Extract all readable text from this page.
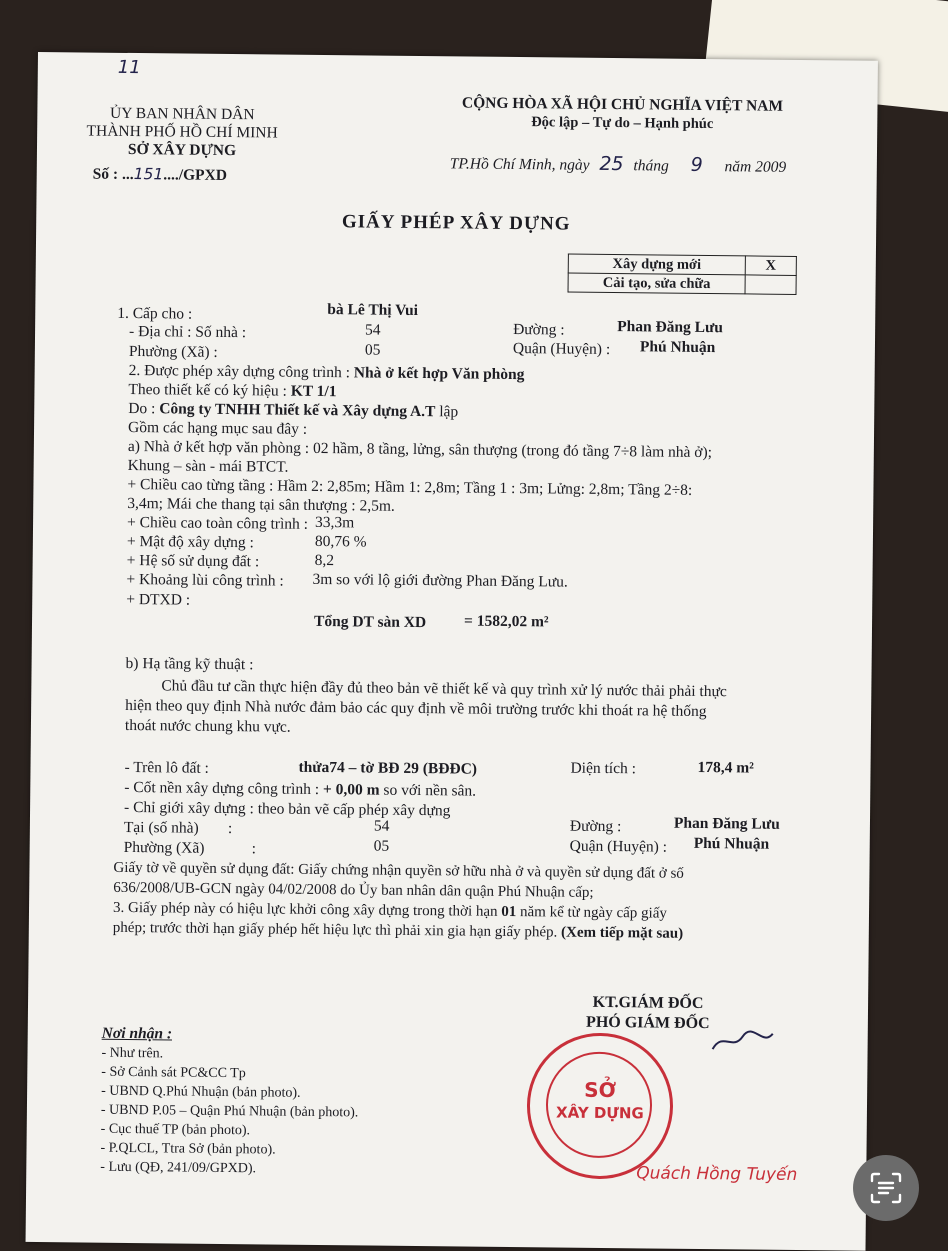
11
ỦY BAN NHÂN DÂN
THÀNH PHỐ HỒ CHÍ MINH
SỞ XÂY DỰNG
Số : ...151..../GPXD
CỘNG HÒA XÃ HỘI CHỦ NGHĨA VIỆT NAM
Độc lập – Tự do – Hạnh phúc
TP.Hồ Chí Minh, ngày 25 tháng 9 năm 2009
GIẤY PHÉP XÂY DỰNG
Xây dựng mới	X
Cải tạo, sửa chữa	
1. Cấp cho :	bà Lê Thị Vui
- Địa chỉ : Số nhà :	54	Đường :	Phan Đăng Lưu
Phường (Xã) :	05	Quận (Huyện) : Phú Nhuận
2. Được phép xây dựng công trình : Nhà ở kết hợp Văn phòng
Theo thiết kế có ký hiệu : KT 1/1
Do : Công ty TNHH Thiết kế và Xây dựng A.T lập
Gồm các hạng mục sau đây :
a) Nhà ở kết hợp văn phòng : 02 hầm, 8 tầng, lửng, sân thượng (trong đó tầng 7÷8 làm nhà ở);
Khung – sàn - mái BTCT.
+ Chiều cao từng tầng : Hầm 2: 2,85m; Hầm 1: 2,8m; Tầng 1 : 3m; Lửng: 2,8m; Tầng 2÷8:
3,4m; Mái che thang tại sân thượng : 2,5m.
+ Chiều cao toàn công trình : 33,3m
+ Mật độ xây dựng :	80,76 %
+ Hệ số sử dụng đất :	8,2
+ Khoảng lùi công trình : 3m so với lộ giới đường Phan Đăng Lưu.
+ DTXD :
Tổng DT sàn XD = 1582,02 m²
b) Hạ tầng kỹ thuật :
Chủ đầu tư cần thực hiện đầy đủ theo bản vẽ thiết kế và quy trình xử lý nước thải phải thực
hiện theo quy định Nhà nước đảm bảo các quy định về môi trường trước khi thoát ra hệ thống
thoát nước chung khu vực.
- Trên lô đất :	thửa74 – tờ BĐ 29 (BĐĐC)	Diện tích :	178,4 m²
- Cốt nền xây dựng công trình : + 0,00 m so với nền sân.
- Chỉ giới xây dựng : theo bản vẽ cấp phép xây dựng
Tại (số nhà) :	54	Đường :	Phan Đăng Lưu
Phường (Xã)	:	05	Quận (Huyện) : Phú Nhuận
Giấy tờ về quyền sử dụng đất: Giấy chứng nhận quyền sở hữu nhà ở và quyền sử dụng đất ở số
636/2008/UB-GCN ngày 04/02/2008 do Ủy ban nhân dân quận Phú Nhuận cấp;
3. Giấy phép này có hiệu lực khởi công xây dựng trong thời hạn 01 năm kể từ ngày cấp giấy
phép; trước thời hạn giấy phép hết hiệu lực thì phải xin gia hạn giấy phép. (Xem tiếp mặt sau)
KT.GIÁM ĐỐC
PHÓ GIÁM ĐỐC
SỞ
XÂY DỰNG
Quách Hồng Tuyến
Nơi nhận :
- Như trên.
- Sở Cảnh sát PC&CC Tp
- UBND Q.Phú Nhuận (bản photo).
- UBND P.05 – Quận Phú Nhuận (bản photo).
- Cục thuế TP (bản photo).
- P.QLCL, Ttra Sở (bản photo).
- Lưu (QĐ, 241/09/GPXD).
